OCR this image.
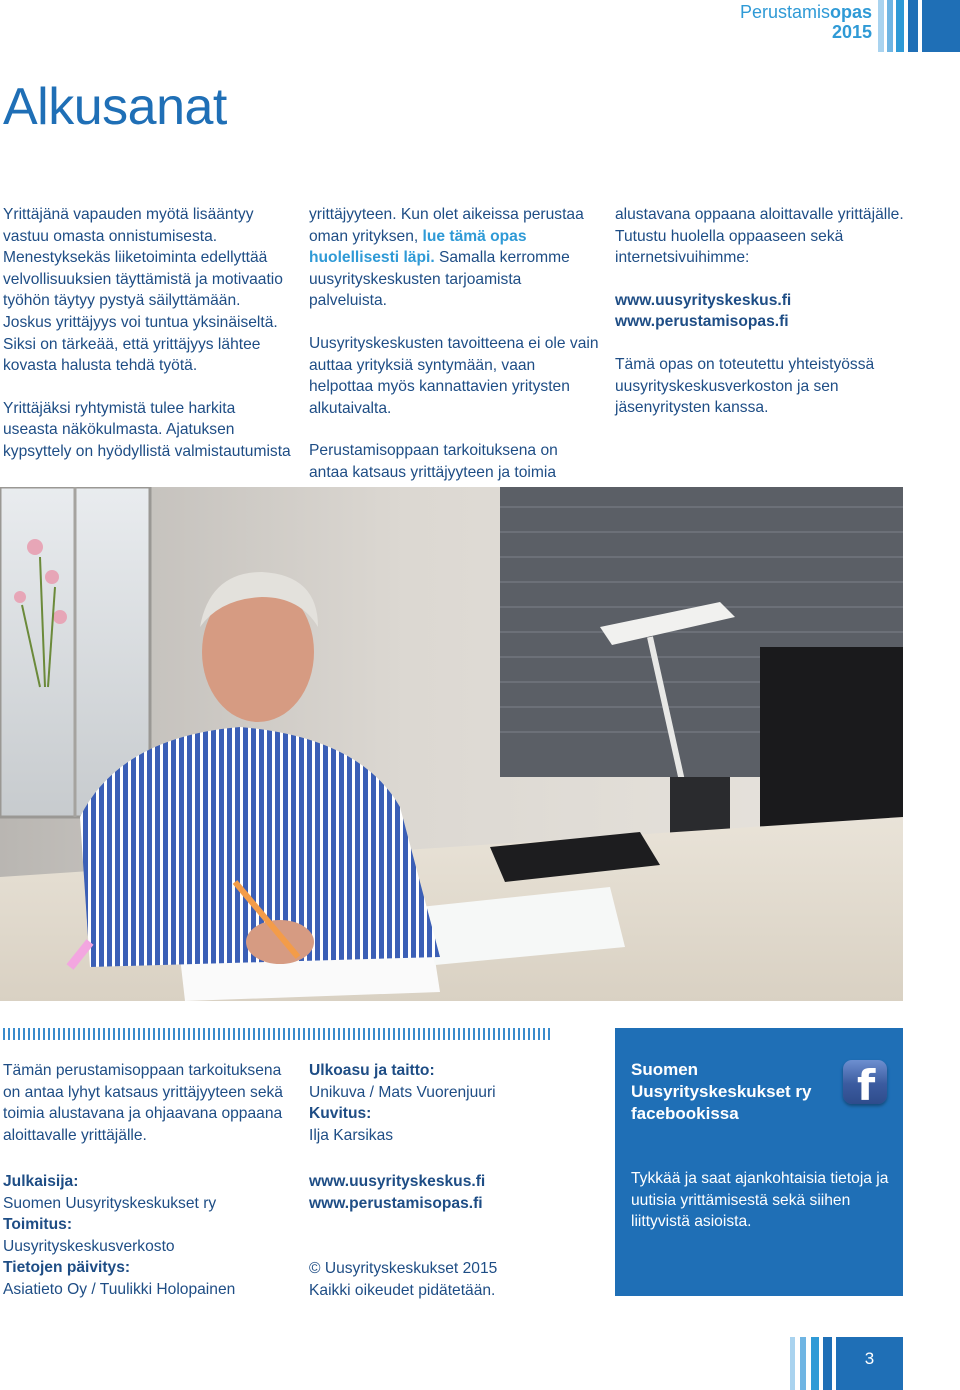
Perustamisopas
2015
Alkusanat

Yrittäjänä vapauden myötä lisääntyy vastuu omasta onnistumisesta. Menestyksekäs liiketoiminta edellyttää velvollisuuksien täyttämistä ja motivaatio työhön täytyy pystyä säilyttämään. Joskus yrittäjyys voi tuntua yksinäiseltä. Siksi on tärkeää, että yrittäjyys lähtee kovasta halusta tehdä työtä.

Yrittäjäksi ryhtymistä tulee harkita useasta näkökulmasta. Ajatuksen kypsyttely on hyödyllistä valmistautumista

yrittäjyyteen. Kun olet aikeissa perustaa oman yrityksen, lue tämä opas huolellisesti läpi. Samalla kerromme uusyrityskeskusten tarjoamista palveluista.

Uusyrityskeskusten tavoitteena ei ole vain auttaa yrityksiä syntymään, vaan helpottaa myös kannattavien yritysten alkutaivalta.

Perustamisoppaan tarkoituksena on antaa katsaus yrittäjyyteen ja toimia

alustavana oppaana aloittavalle yrittäjälle. Tutustu huolella oppaaseen sekä internetsivuihimme:

www.uusyrityskeskus.fi
www.perustamisopas.fi

Tämä opas on toteutettu yhteistyössä uusyrityskeskusverkoston ja sen jäsenyritysten kanssa.

Tämän perustamisoppaan tarkoituksena on antaa lyhyt katsaus yrittäjyyteen sekä toimia alustavana ja ohjaavana oppaana aloittavalle yrittäjälle.
Julkaisija:
Suomen Uusyrityskeskukset ry
Toimitus:
Uusyrityskeskusverkosto
Tietojen päivitys:
Asiatieto Oy / Tuulikki Holopainen
Ulkoasu ja taitto:
Unikuva / Mats Vuorenjuuri
Kuvitus:
Ilja Karsikas
www.uusyrityskeskus.fi
www.perustamisopas.fi
© Uusyrityskeskukset 2015
Kaikki oikeudet pidätetään.
Suomen Uusyrityskeskukset ry facebookissa
f
Tykkää ja saat ajankohtaisia tietoja ja uutisia yrittämisestä sekä siihen liittyvistä asioista.
3
